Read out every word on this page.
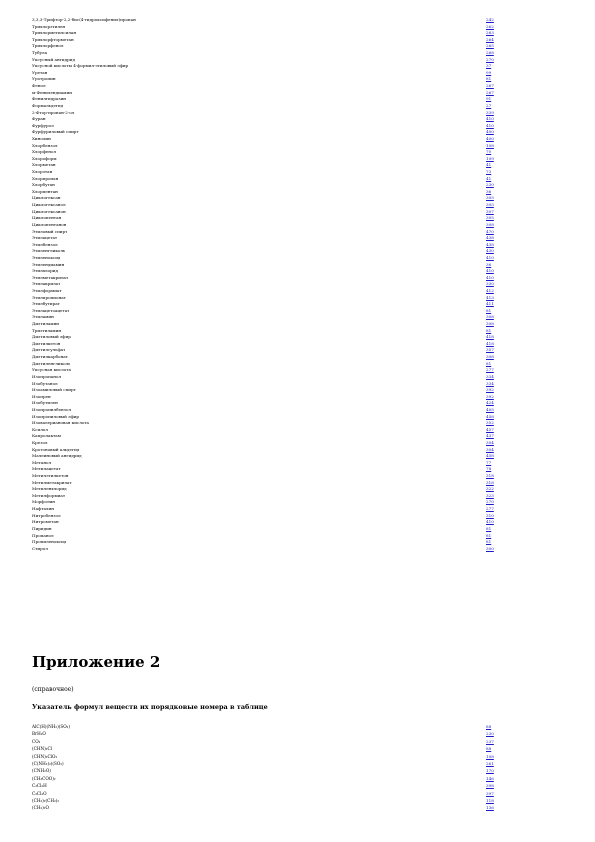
3,3,3-Трифтор-2,2-бис(4-гидроксифенил)пропан	242
Трихлорэтилен	262
Трихлорметилсилан	263
Трихлорфторметан	264
Трихлорфенол	265
Тубула	268
Уксусный ангидрид	270
Уксусной кислоты 4-формил-этиловый эфир	37
Уретан	99
Уротропин	81
Фенол	267
м-Фенилендиамин	267
Фенилгидразин	91
Формальдегид	27
2-Фтор-пропан-2-ол	339
Фуран	410
Фурфурол	410
Фурфуриловый спирт	400
Хинолин	400
Хлорбензол	108
Хлорфенол	70
Хлороформ	109
Хлорметан	41
Хлорэтан	73
Хлорпропан	41
Хлорбутан	230
Хлорпентан	36
Циклогексан	305
Циклогексанол	305
Циклогексанон	307
Циклопентан	305
Циклопентанон	308
Этиловый спирт	470
Этилацетат	438
Этилбензол	438
Этиленгликоль	430
Этиленоксид	410
Этилендиамин	36
Этилхлорид	410
Этилметакрилат	410
Этилакрилат	330
Этилформиат	412
Этилпропионат	413
Этилбутират	411
Этилацетоацетат	81
Этиламин	308
Диэтиламин	308
Триэтиламин	81
Диэтиловый эфир	418
Диэтилкетон	418
Диэтилсульфат	357
Диэтилкарбонат	308
Диэтиленгликоль	81
Уксусная кислота	277
Изопропанол	334
Изобутанол	334
Изоамиловый спирт	392
Изопрен	392
Изобутилен	424
Изопропилбензол	405
Изопропиловый эфир	458
Изовалериановая кислота	352
Ксилол	457
Капролактам	437
Крезол	304
Кротоновый альдегид	304
Малеиновый ангидрид	458
Метанол	77
Метилацетат	78
Метилэтилкетон	318
Метилметакрилат	318
Метиленхлорид	322
Метилформиат	323
Морфолин	270
Нафталин	277
Нитробензол	310
Нитрометан	410
Пиридин	81
Пропанол	81
Пропиленоксид	81
Стирол	300
Приложение 2

(справочное)

Указатель формул веществ их порядковые номера в таблице

AlC(H)(NH₂)(SO₂)	88
BrH₂O	230
CO₂	237
(CHN)₂Cl	88
(CHN)₂ClO₂	108
(C(NH₂)₂)(SO₂)	261
(CNH₂O)	170
(CH₃COO)₂	146
C₃Cl₂H	398
C₃Cl₂O	397
(CH₂)₂(CH₂)₂	118
(CH₂)₂O	136
